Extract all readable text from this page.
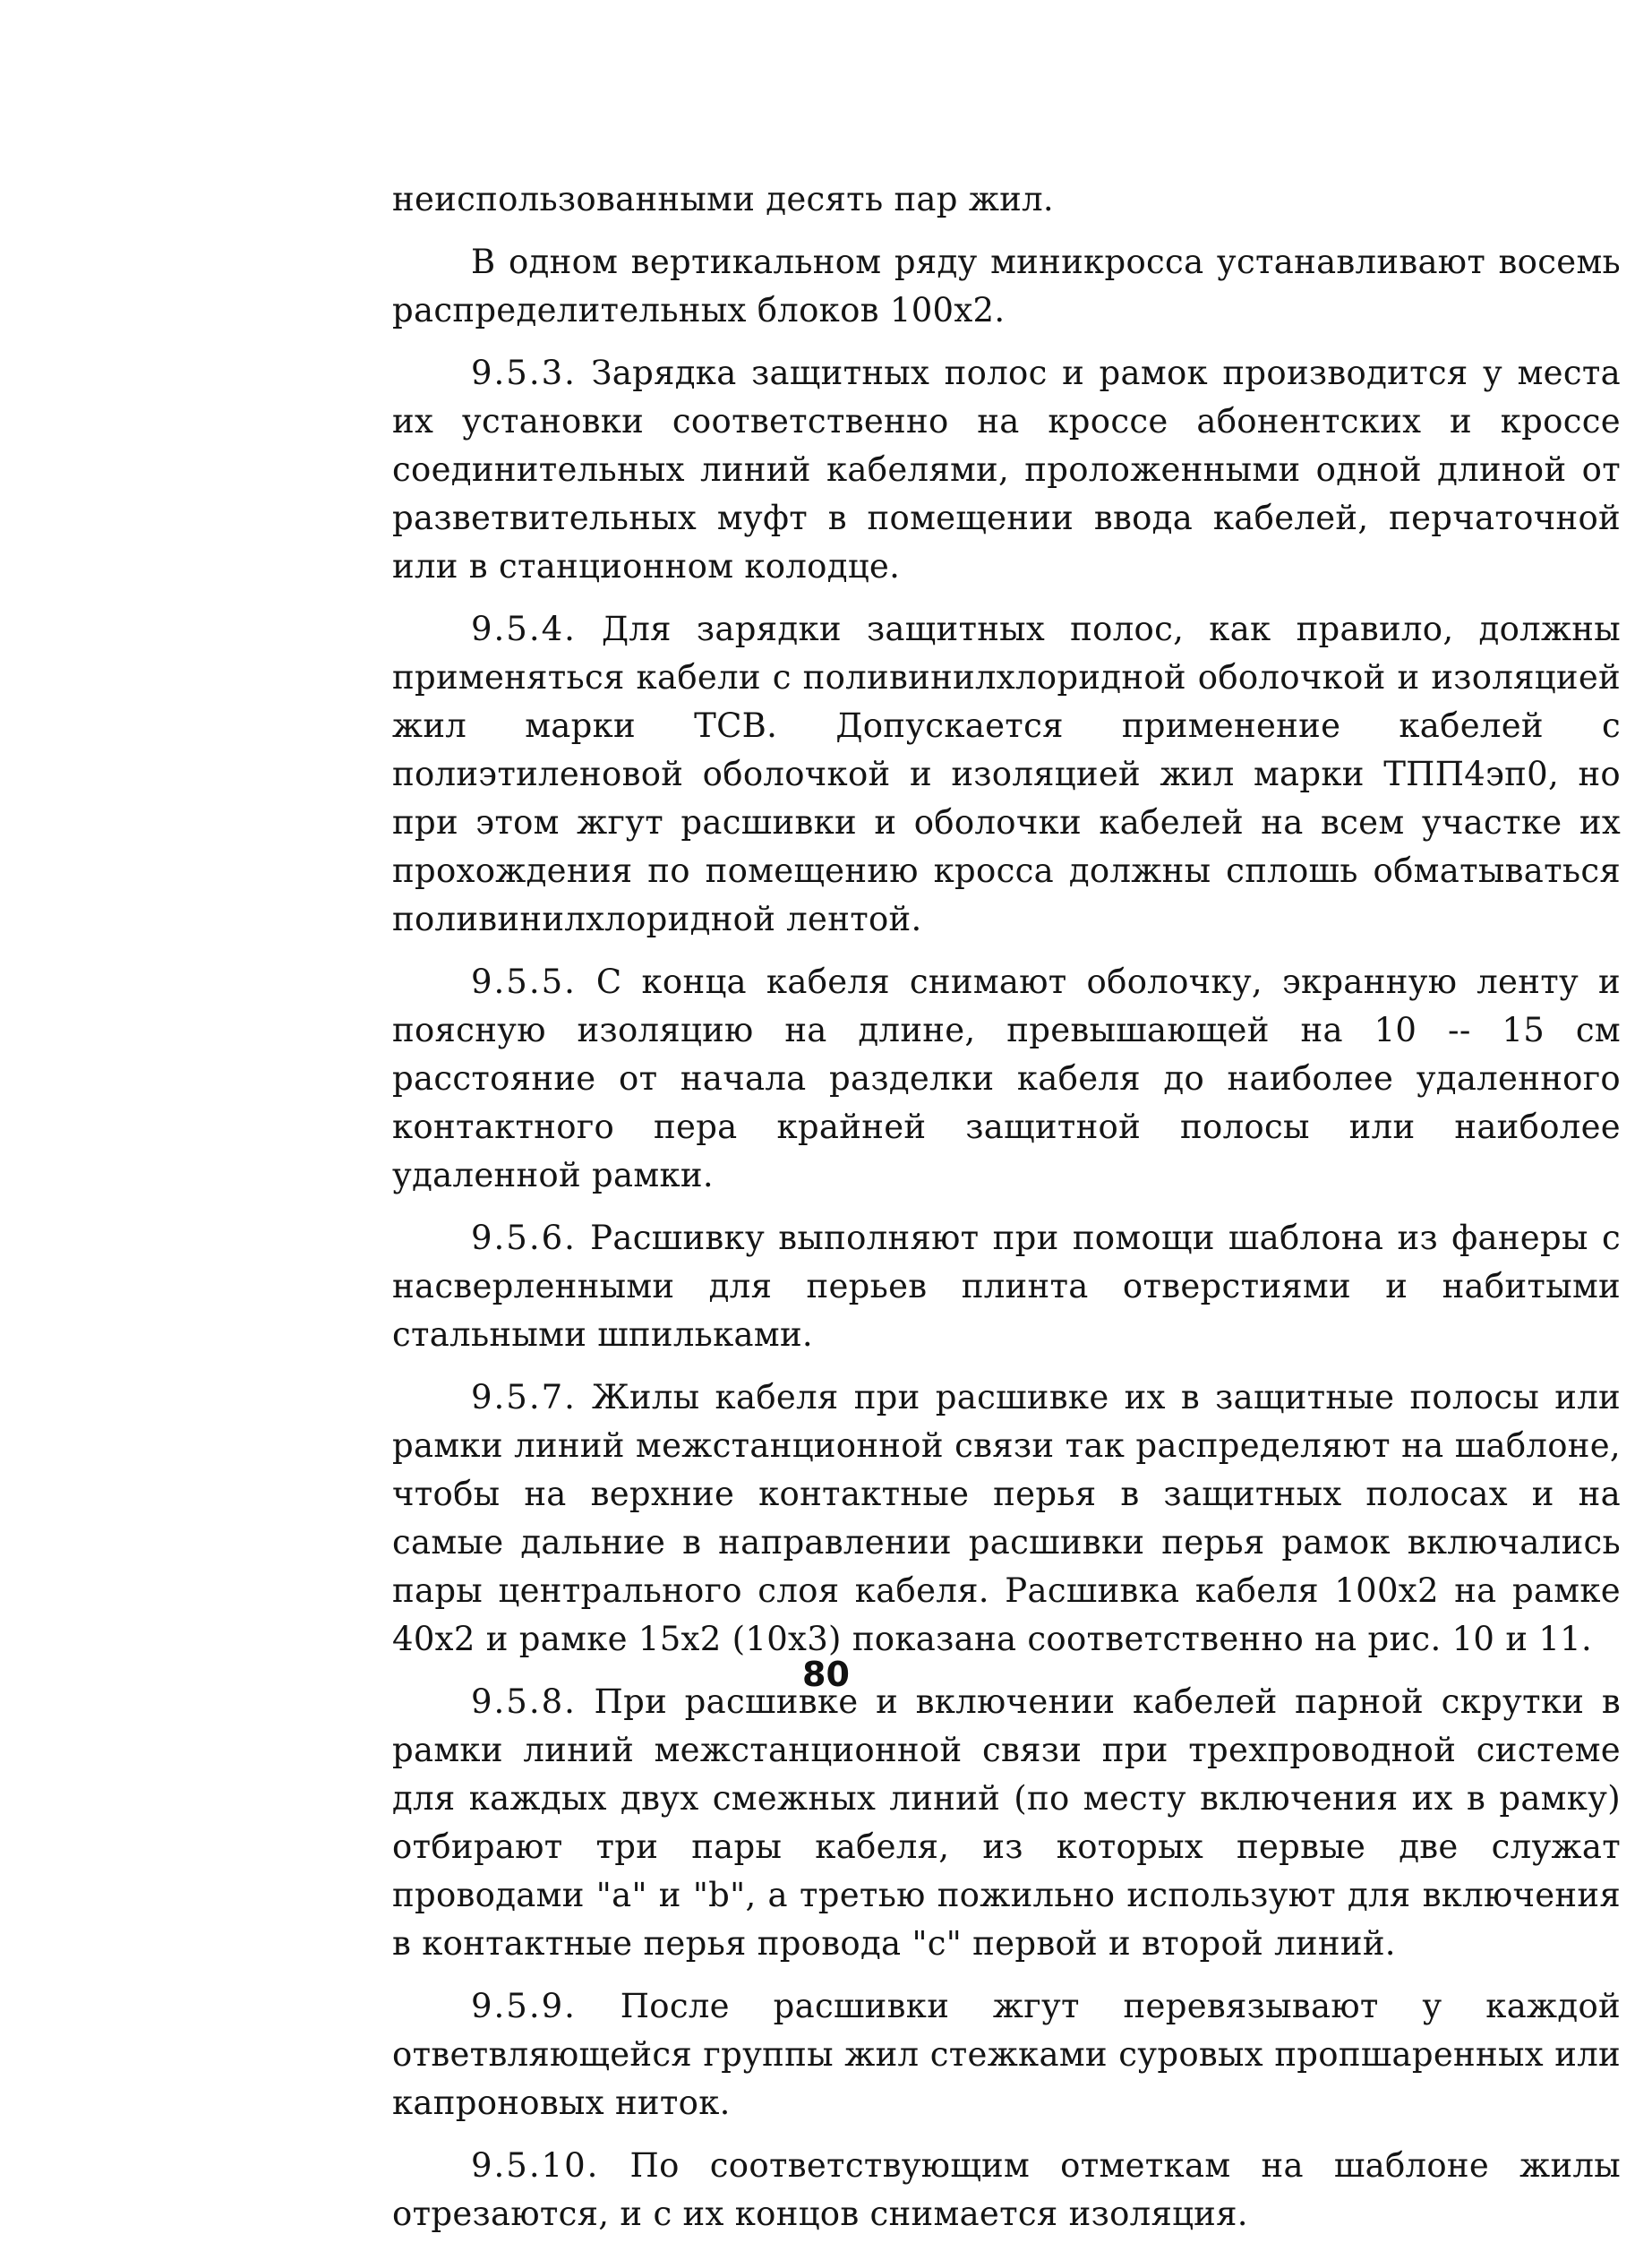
неиспользованными десять пар жил.

В одном вертикальном ряду миникросса устанавливают восемь распределительных блоков 100х2.

9.5.3. Зарядка защитных полос и рамок производится у места их установки соответственно на кроссе абонентских и кроссе соединительных линий кабелями, проложенными одной длиной от разветвительных муфт в помещении ввода кабелей, перчаточной или в станционном колодце.

9.5.4. Для зарядки защитных полос, как правило, должны применяться кабели с поливинилхлоридной оболочкой и изоляцией жил марки ТСВ. Допускается применение кабелей с полиэтиленовой оболочкой и изоляцией жил марки ТПП4эп0, но при этом жгут расшивки и оболочки кабелей на всем участке их прохождения по помещению кросса должны сплошь обматываться поливинилхлоридной лентой.

9.5.5. С конца кабеля снимают оболочку, экранную ленту и поясную изоляцию на длине, превышающей на 10 -- 15 см расстояние от начала разделки кабеля до наиболее удаленного контактного пера крайней защитной полосы или наиболее удаленной рамки.

9.5.6. Расшивку выполняют при помощи шаблона из фанеры с насверленными для перьев плинта отверстиями и набитыми стальными шпильками.

9.5.7. Жилы кабеля при расшивке их в защитные полосы или рамки линий межстанционной связи так распределяют на шаблоне, чтобы на верхние контактные перья в защитных полосах и на самые дальние в направлении расшивки перья рамок включались пары центрального слоя кабеля. Расшивка кабеля 100х2 на рамке 40х2 и рамке 15х2 (10х3) показана соответственно на рис. 10 и 11.

9.5.8. При расшивке и включении кабелей парной скрутки в рамки линий межстанционной связи при трехпроводной системе для каждых двух смежных линий (по месту включения их в рамку) отбирают три пары кабеля, из которых первые две служат проводами "a" и "b", а третью пожильно используют для включения в контактные перья провода "c" первой и второй линий.

9.5.9. После расшивки жгут перевязывают у каждой ответвляющейся группы жил стежками суровых пропшаренных или капроновых ниток.

9.5.10. По соответствующим отметкам на шаблоне жилы отрезаются, и с их концов снимается изоляция.

80
